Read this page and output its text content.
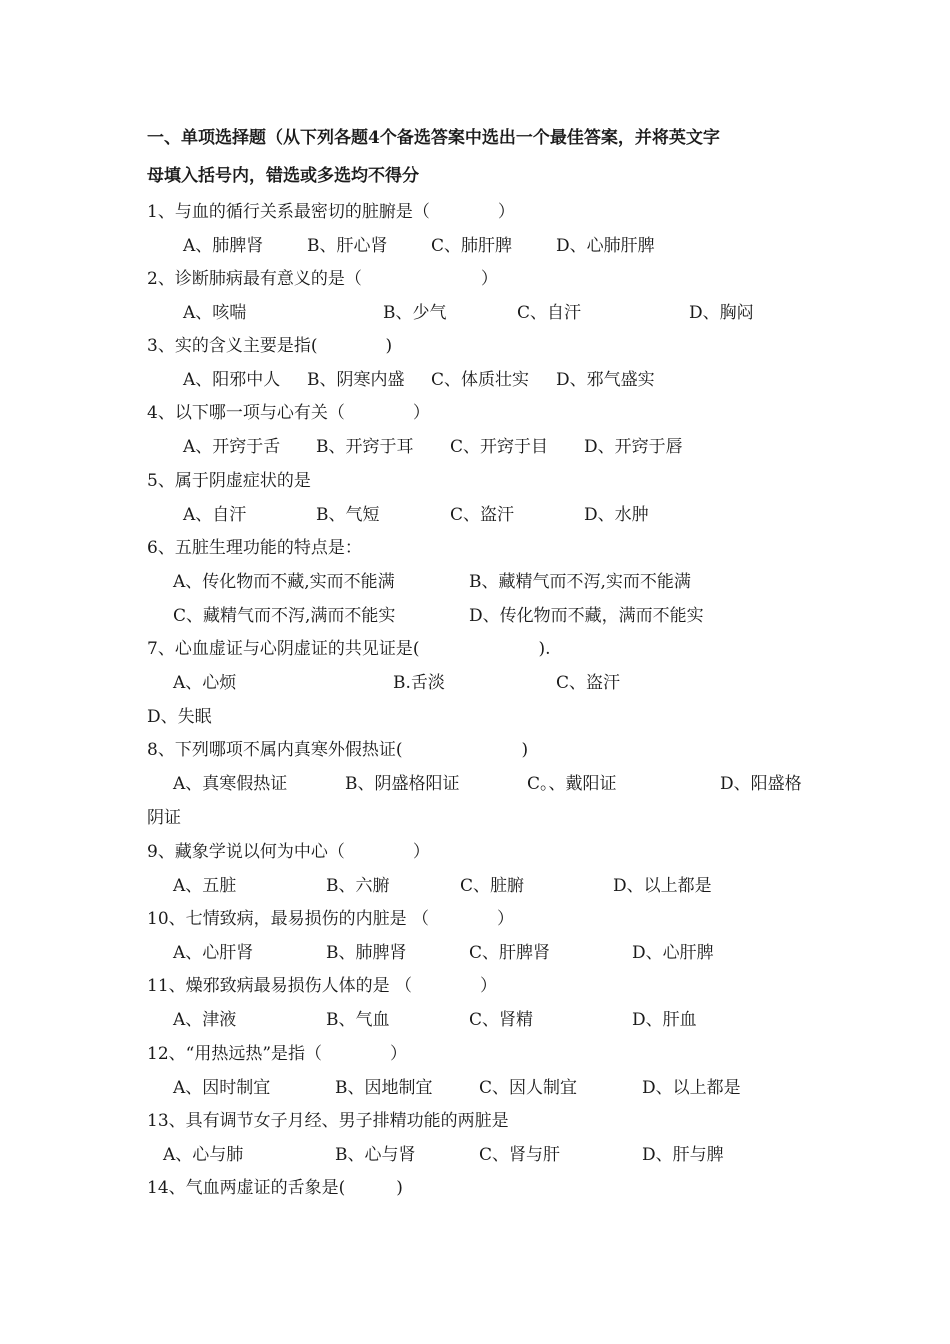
一、单项选择题（从下列各题4个备选答案中选出一个最佳答案，并将英文字
母填入括号内，错选或多选均不得分
1、与血的循行关系最密切的脏腑是（　　　　）
A、肺脾肾	B、肝心肾	C、肺肝脾	D、心肺肝脾
2、诊断肺病最有意义的是（　　　　　　　）
A、咳喘	B、少气	C、自汗	D、胸闷
3、实的含义主要是指(　　　　)
A、阳邪中人 B、阴寒内盛 C、体质壮实 D、邪气盛实
4、以下哪一项与心有关（　　　　）
A、开窍于舌 B、开窍于耳 C、开窍于目 D、开窍于唇
5、属于阴虚症状的是
A、自汗	B、气短	C、盗汗	D、水肿
6、五脏生理功能的特点是：
A、传化物而不藏,实而不能满	B、藏精气而不泻,实而不能满
C、藏精气而不泻,满而不能实	D、传化物而不藏，满而不能实
7、心血虚证与心阴虚证的共见证是(　　　　　　　).
A、心烦	B.舌淡	C、盗汗
D、失眠
8、下列哪项不属内真寒外假热证(　　　　　　　)
A、真寒假热证	B、阴盛格阳证	C。、戴阳证	D、阳盛格
阴证
9、藏象学说以何为中心（　　　　）
A、五脏	B、六腑	C、脏腑	D、以上都是
10、七情致病，最易损伤的内脏是 （　　　　）
A、心肝肾	B、肺脾肾	C、肝脾肾	D、心肝脾
11、燥邪致病最易损伤人体的是 （　　　　）
A、津液	B、气血	C、肾精	D、肝血
12、“用热远热”是指（　　　　）
A、因时制宜	B、因地制宜	C、因人制宜	D、以上都是
13、具有调节女子月经、男子排精功能的两脏是
A、心与肺	B、心与肾	C、肾与肝	D、肝与脾
14、气血两虚证的舌象是(　　　)
